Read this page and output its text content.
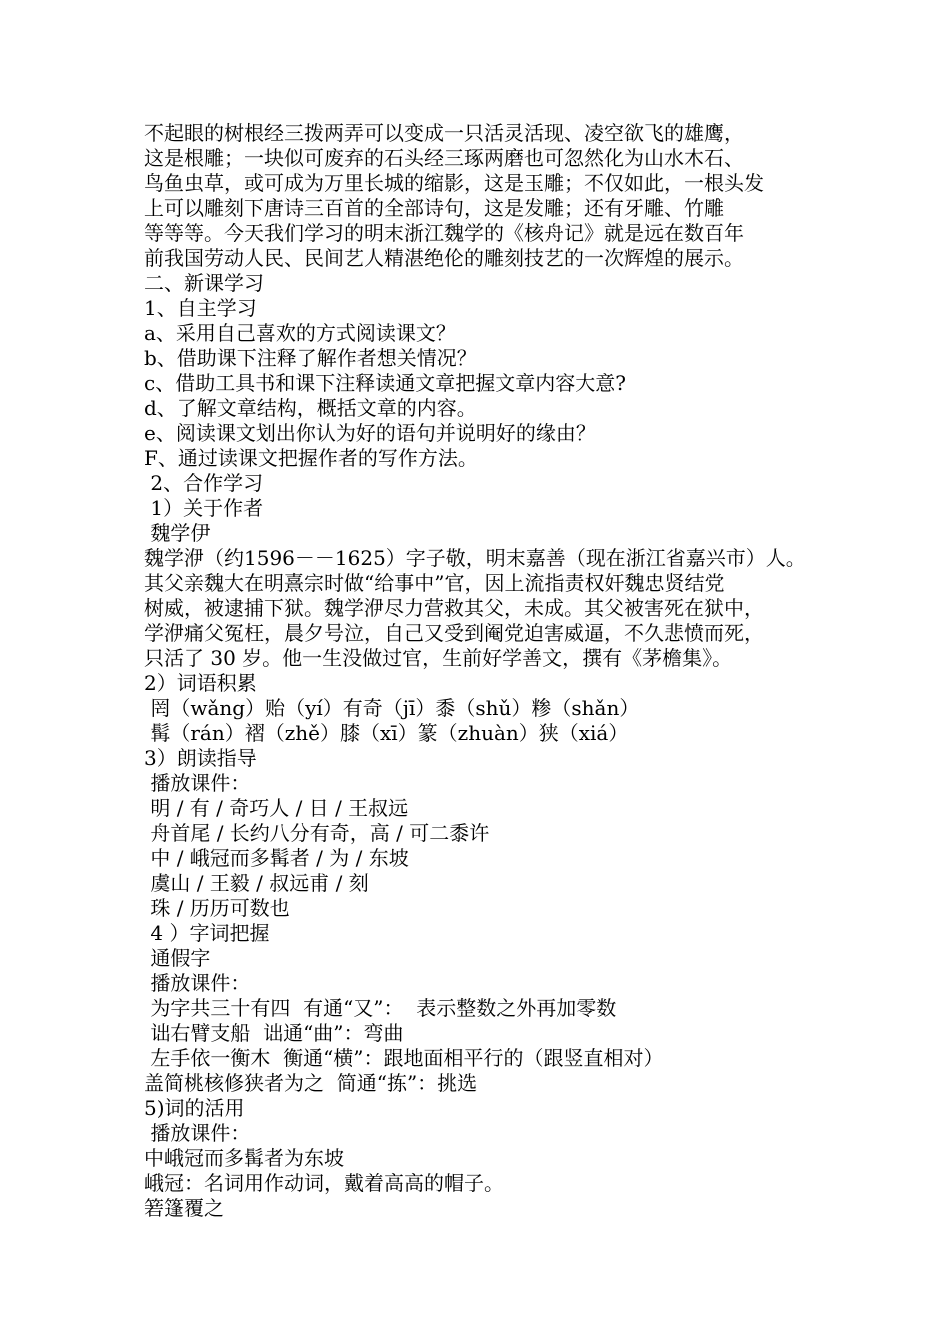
不起眼的树根经三拨两弄可以变成一只活灵活现、凌空欲飞的雄鹰，
这是根雕；一块似可废弃的石头经三琢两磨也可忽然化为山水木石、
鸟鱼虫草，或可成为万里长城的缩影，这是玉雕；不仅如此，一根头发
上可以雕刻下唐诗三百首的全部诗句，这是发雕；还有牙雕、竹雕
等等等。今天我们学习的明末浙江魏学的《核舟记》就是远在数百年
前我国劳动人民、民间艺人精湛绝伦的雕刻技艺的一次辉煌的展示。
二、新课学习
1、自主学习
a、采用自己喜欢的方式阅读课文？
b、借助课下注释了解作者想关情况？
c、借助工具书和课下注释读通文章把握文章内容大意?
d、了解文章结构，概括文章的内容。
e、阅读课文划出你认为好的语句并说明好的缘由？
F、通过读课文把握作者的写作方法。
2、合作学习
1）关于作者
魏学伊
魏学洢（约1596－－1625）字子敬，明末嘉善（现在浙江省嘉兴市）人。
其父亲魏大在明熹宗时做“给事中”官，因上流指责权奸魏忠贤结党
树威，被逮捕下狱。魏学洢尽力营救其父，未成。其父被害死在狱中，
学洢痛父冤枉，晨夕号泣，自己又受到阉党迫害威逼，不久悲愤而死，
只活了 30 岁。他一生没做过官，生前好学善文，撰有《茅檐集》。
2）词语积累
罔（wǎng）贻（yí）有奇（jī）黍（shǔ）糁（shǎn）
髯（rán）褶（zhě）膝（xī）篆（zhuàn）狭（xiá）
3）朗读指导
播放课件：
明 / 有 / 奇巧人 / 日 / 王叔远
舟首尾 / 长约八分有奇，高 / 可二黍许
中 / 峨冠而多髯者 / 为 / 东坡
虞山 / 王毅 / 叔远甫 / 刻
珠 / 历历可数也
4 ）字词把握
通假字
播放课件：
为字共三十有四  有通“又”：  表示整数之外再加零数
诎右臂支船  诎通“曲”：弯曲
左手依一衡木  衡通“横”：跟地面相平行的（跟竖直相对）
盖简桃核修狭者为之  简通“拣”：挑选
5)词的活用
播放课件：
中峨冠而多髯者为东坡
峨冠：名词用作动词，戴着高高的帽子。
箬篷覆之
